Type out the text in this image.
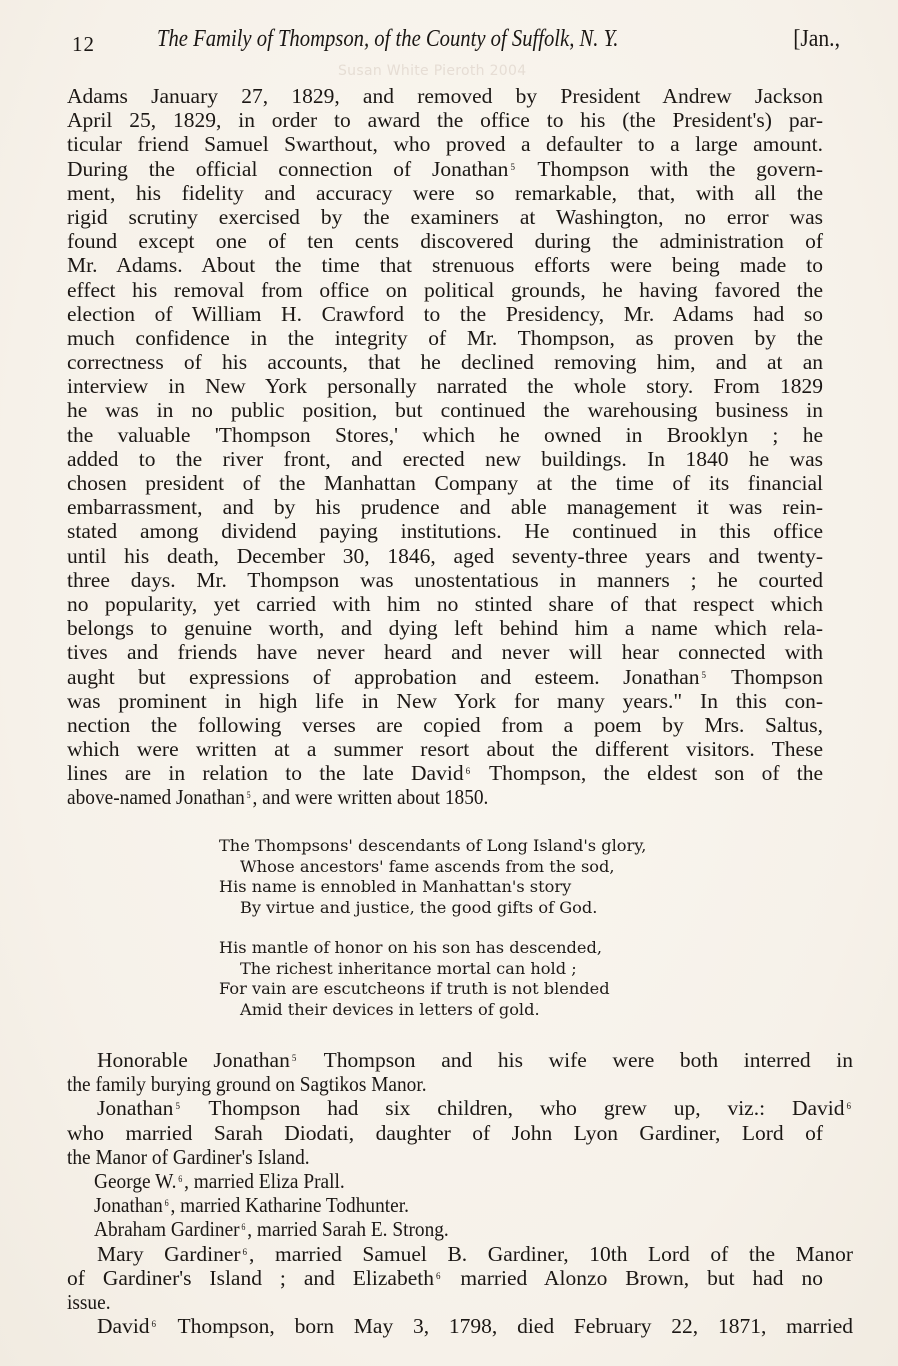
12	The Family of Thompson, of the County of Suffolk, N. Y.	[Jan.,
Susan White Pieroth 2004
Adams January 27, 1829, and removed by President Andrew Jackson
April 25, 1829, in order to award the office to his (the President's) par-
ticular friend Samuel Swarthout, who proved a defaulter to a large amount.
During the official connection of Jonathan $^5$ Thompson with the govern-
ment, his fidelity and accuracy were so remarkable, that, with all the
rigid scrutiny exercised by the examiners at Washington, no error was
found except one of ten cents discovered during the administration of
Mr. Adams. About the time that strenuous efforts were being made to
effect his removal from office on political grounds, he having favored the
election of William H. Crawford to the Presidency, Mr. Adams had so
much confidence in the integrity of Mr. Thompson, as proven by the
correctness of his accounts, that he declined removing him, and at an
interview in New York personally narrated the whole story. From 1829
he was in no public position, but continued the warehousing business in
the valuable 'Thompson Stores,' which he owned in Brooklyn ; he
added to the river front, and erected new buildings. In 1840 he was
chosen president of the Manhattan Company at the time of its financial
embarrassment, and by his prudence and able management it was rein-
stated among dividend paying institutions. He continued in this office
until his death, December 30, 1846, aged seventy-three years and twenty-
three days. Mr. Thompson was unostentatious in manners ; he courted
no popularity, yet carried with him no stinted share of that respect which
belongs to genuine worth, and dying left behind him a name which rela-
tives and friends have never heard and never will hear connected with
aught but expressions of approbation and esteem. Jonathan $^5$ Thompson
was prominent in high life in New York for many years." In this con-
nection the following verses are copied from a poem by Mrs. Saltus,
which were written at a summer resort about the different visitors. These
lines are in relation to the late David $^6$ Thompson, the eldest son of the
above-named Jonathan $^5$, and were written about 1850.
The Thompsons' descendants of Long Island's glory,
Whose ancestors' fame ascends from the sod,
His name is ennobled in Manhattan's story
By virtue and justice, the good gifts of God.
His mantle of honor on his son has descended,
The richest inheritance mortal can hold ;
For vain are escutcheons if truth is not blended
Amid their devices in letters of gold.
Honorable Jonathan $^5$ Thompson and his wife were both interred in
the family burying ground on Sagtikos Manor.
Jonathan $^5$ Thompson had six children, who grew up, viz.: David $^6$
who married Sarah Diodati, daughter of John Lyon Gardiner, Lord of
the Manor of Gardiner's Island.
George W. $^6$, married Eliza Prall.
Jonathan $^6$, married Katharine Todhunter.
Abraham Gardiner $^6$, married Sarah E. Strong.
Mary Gardiner $^6$, married Samuel B. Gardiner, 10th Lord of the Manor
of Gardiner's Island ; and Elizabeth $^6$ married Alonzo Brown, but had no
issue.
David $^6$ Thompson, born May 3, 1798, died February 22, 1871, married
